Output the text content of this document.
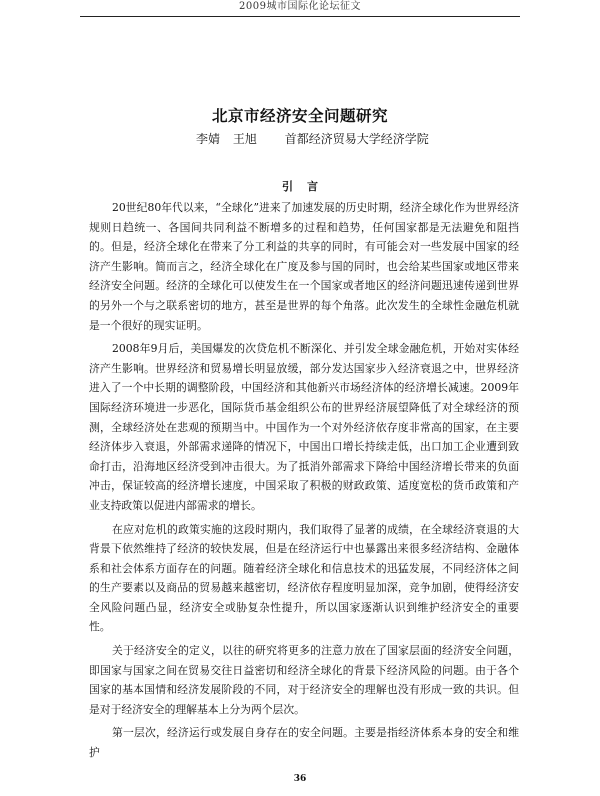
2009城市国际化论坛征文
北京市经济安全问题研究
李婧 王旭 首都经济贸易大学经济学院
引言

20世纪80年代以来，“全球化”进来了加速发展的历史时期，经济全球化作为世界经济规则日趋统一、各国间共同利益不断增多的过程和趋势，任何国家都是无法避免和阻挡的。但是，经济全球化在带来了分工利益的共享的同时，有可能会对一些发展中国家的经济产生影响。简而言之，经济全球化在广度及参与国的同时，也会给某些国家或地区带来经济安全问题。经济的全球化可以使发生在一个国家或者地区的经济问题迅速传递到世界的另外一个与之联系密切的地方，甚至是世界的每个角落。此次发生的全球性金融危机就是一个很好的现实证明。

2008年9月后，美国爆发的次贷危机不断深化、并引发全球金融危机，开始对实体经济产生影响。世界经济和贸易增长明显放缓，部分发达国家步入经济衰退之中，世界经济进入了一个中长期的调整阶段，中国经济和其他新兴市场经济体的经济增长减速。2009年国际经济环境进一步恶化，国际货币基金组织公布的世界经济展望降低了对全球经济的预测，全球经济处在悲观的预期当中。中国作为一个对外经济依存度非常高的国家，在主要经济体步入衰退，外部需求递降的情况下，中国出口增长持续走低，出口加工企业遭到致命打击，沿海地区经济受到冲击很大。为了抵消外部需求下降给中国经济增长带来的负面冲击，保证较高的经济增长速度，中国采取了积极的财政政策、适度宽松的货币政策和产业支持政策以促进内部需求的增长。

在应对危机的政策实施的这段时期内，我们取得了显著的成绩，在全球经济衰退的大背景下依然维持了经济的较快发展，但是在经济运行中也暴露出来很多经济结构、金融体系和社会体系方面存在的问题。随着经济全球化和信息技术的迅猛发展，不同经济体之间的生产要素以及商品的贸易越来越密切，经济依存程度明显加深，竞争加剧，使得经济安全风险问题凸显，经济安全或胁复杂性提升，所以国家逐渐认识到维护经济安全的重要性。

关于经济安全的定义，以往的研究将更多的注意力放在了国家层面的经济安全问题，即国家与国家之间在贸易交往日益密切和经济全球化的背景下经济风险的问题。由于各个国家的基本国情和经济发展阶段的不同，对于经济安全的理解也没有形成一致的共识。但是对于经济安全的理解基本上分为两个层次。

第一层次，经济运行或发展自身存在的安全问题。主要是指经济体系本身的安全和维护

36
